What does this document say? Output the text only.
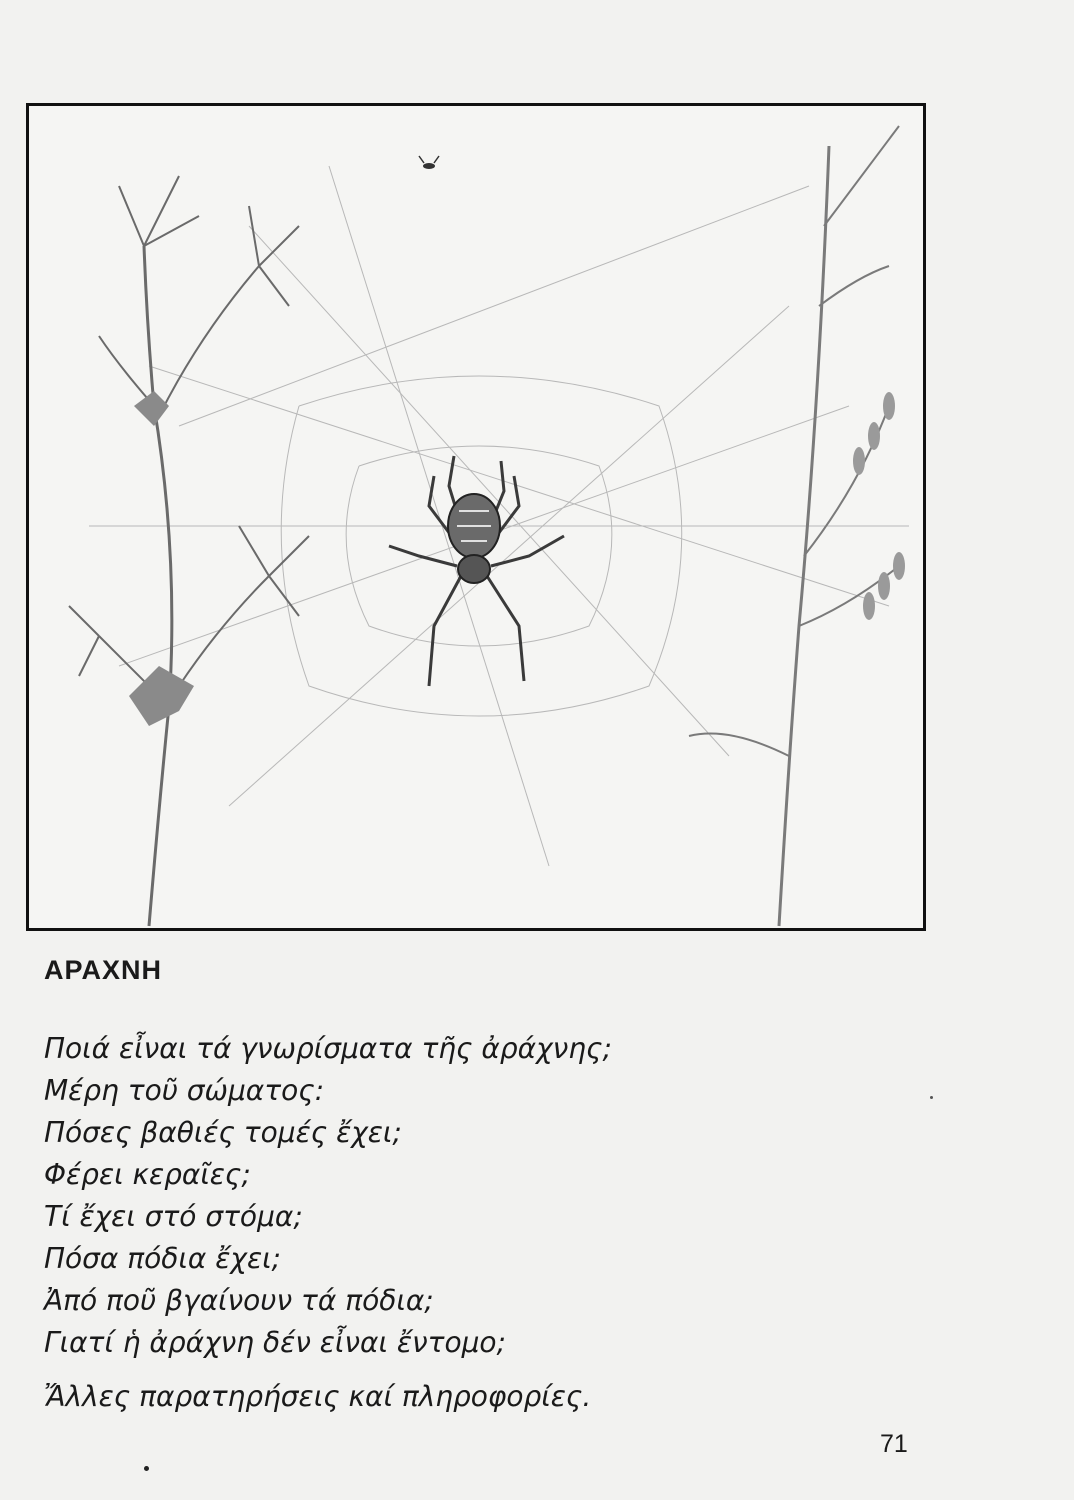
ΑΡΑΧΝΗ
Ποιά εἶναι τά γνωρίσματα τῆς ἀράχνης;
Μέρη τοῦ σώματος:
Πόσες βαθιές τομές ἔχει;
Φέρει κεραῖες;
Τί ἔχει στό στόμα;
Πόσα πόδια ἔχει;
Ἀπό ποῦ βγαίνουν τά πόδια;
Γιατί ἡ ἀράχνη δέν εἶναι ἔντομο;
Ἄλλες παρατηρήσεις καί πληροφορίες.
71
